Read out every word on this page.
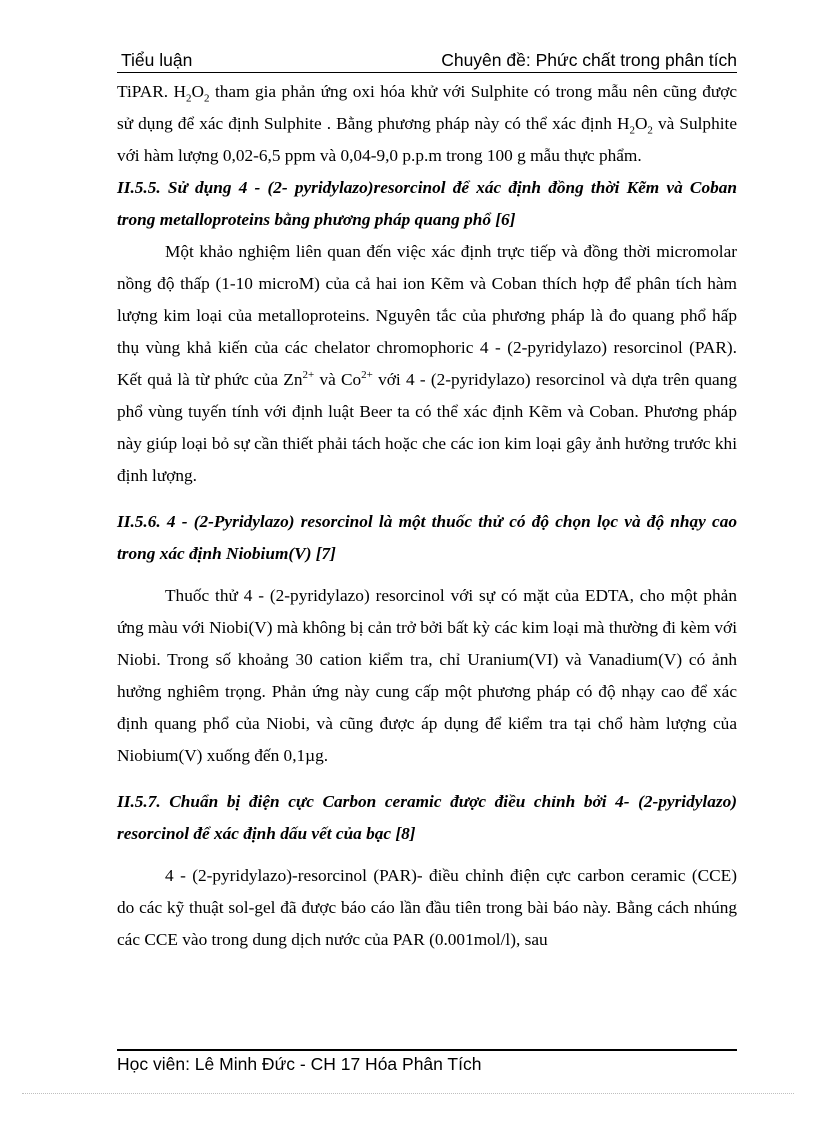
Tiểu luận	Chuyên đề: Phức chất trong phân tích

TiPAR. $H_2O_2$ tham gia phản ứng oxi hóa khử với Sulphite có trong mẫu nên cũng được sử dụng để xác định Sulphite . Bằng phương pháp này có thể xác định $H_2O_2$ và Sulphite với hàm lượng 0,02-6,5 ppm và 0,04-9,0 p.p.m trong 100 g mẫu thực phẩm.

II.5.5. Sử dụng 4 - (2- pyridylazo)resorcinol để xác định đồng thời Kẽm và Coban trong metalloproteins bằng phương pháp quang phổ [6]

Một khảo nghiệm liên quan đến việc xác định trực tiếp và đồng thời micromolar nồng độ thấp (1-10 microM) của cả hai ion Kẽm và Coban thích hợp để phân tích hàm lượng kim loại của metalloproteins. Nguyên tắc của phương pháp là đo quang phổ hấp thụ vùng khả kiến của các chelator chromophoric 4 - (2-pyridylazo) resorcinol (PAR). Kết quả là từ phức của $Zn^{2+}$ và $Co^{2+}$ với 4 - (2-pyridylazo) resorcinol và dựa trên quang phổ vùng tuyến tính với định luật Beer ta có thể xác định Kẽm và Coban. Phương pháp này giúp loại bỏ sự cần thiết phải tách hoặc che các ion kim loại gây ảnh hưởng trước khi định lượng.

II.5.6. 4 - (2-Pyridylazo) resorcinol là một thuốc thử có độ chọn lọc và độ nhạy cao trong xác định Niobium(V) [7]

Thuốc thử 4 - (2-pyridylazo) resorcinol với sự có mặt của EDTA, cho một phản ứng màu với Niobi(V) mà không bị cản trở bởi bất kỳ các kim loại mà thường đi kèm với Niobi. Trong số khoảng 30 cation kiểm tra, chỉ Uranium(VI) và Vanadium(V) có ảnh hưởng nghiêm trọng. Phản ứng này cung cấp một phương pháp có độ nhạy cao để xác định quang phổ của Niobi, và cũng được áp dụng để kiểm tra tại chổ hàm lượng của Niobium(V) xuống đến 0,1µg.

II.5.7. Chuẩn bị điện cực Carbon ceramic được điều chỉnh bởi 4- (2-pyridylazo) resorcinol để xác định dấu vết của bạc [8]

4 - (2-pyridylazo)-resorcinol (PAR)- điều chỉnh điện cực carbon ceramic (CCE) do các kỹ thuật sol-gel đã được báo cáo lần đầu tiên trong bài báo này. Bằng cách nhúng các CCE vào trong dung dịch nước của PAR (0.001mol/l), sau

Học viên: Lê Minh Đức - CH 17 Hóa Phân Tích
